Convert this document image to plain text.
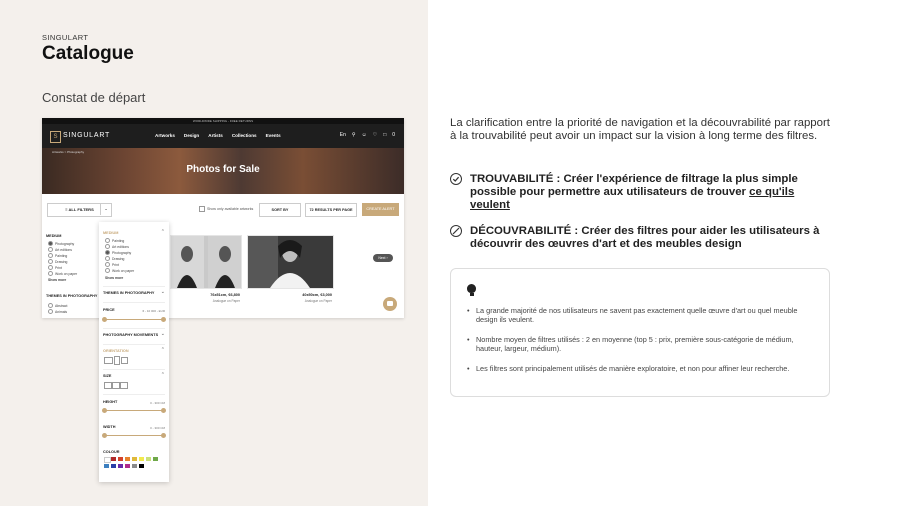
SINGULART
Catalogue
Constat de départ
WORLDWIDE SHIPPING - FREE RETURNS
S SINGULART	Artworks Design Artists Collections Events	En ⚲ ☺ ♡ □ 0
Artworks > Photography
Photos for Sale
≡ ALL FILTERS	⌄	Show only available artworks	SORT BY	72 RESULTS PER PAGE	CREATE ALERT
MEDIUM
Photography
Art editions
Painting
Drawing
Print
Work on paper
Show more
THEMES IN PHOTOGRAPHY
Abstract
Animals
76x51cm, €6,800
Analogue on Paper
40x50cm, €3,000
Analogue on Paper
Next ›
MEDIUM	⌃
Painting
Art editions
Photography
Drawing
Print
Work on paper
Show more
THEMES IN PHOTOGRAPHY ⌄
PRICE	€ - 10 000 - EUR
PHOTOGRAPHY MOVEMENTS ⌄
ORIENTATION	⌃
SIZE	⌃
HEIGHT	0 - 300 CM
WIDTH	0 - 300 CM
COLOUR
La clarification entre la priorité de navigation et la découvrabilité par rapport à la trouvabilité peut avoir un impact sur la vision à long terme des filtres.
TROUVABILITÉ : Créer l'expérience de filtrage la plus simple possible pour permettre aux utilisateurs de trouver ce qu'ils veulent
DÉCOUVRABILITÉ : Créer des filtres pour aider les utilisateurs à découvrir des œuvres d'art et des meubles design
• La grande majorité de nos utilisateurs ne savent pas exactement quelle œuvre d'art ou quel meuble design ils veulent.
• Nombre moyen de filtres utilisés : 2 en moyenne (top 5 : prix, première sous-catégorie de médium, hauteur, largeur, médium).
• Les filtres sont principalement utilisés de manière exploratoire, et non pour affiner leur recherche.
